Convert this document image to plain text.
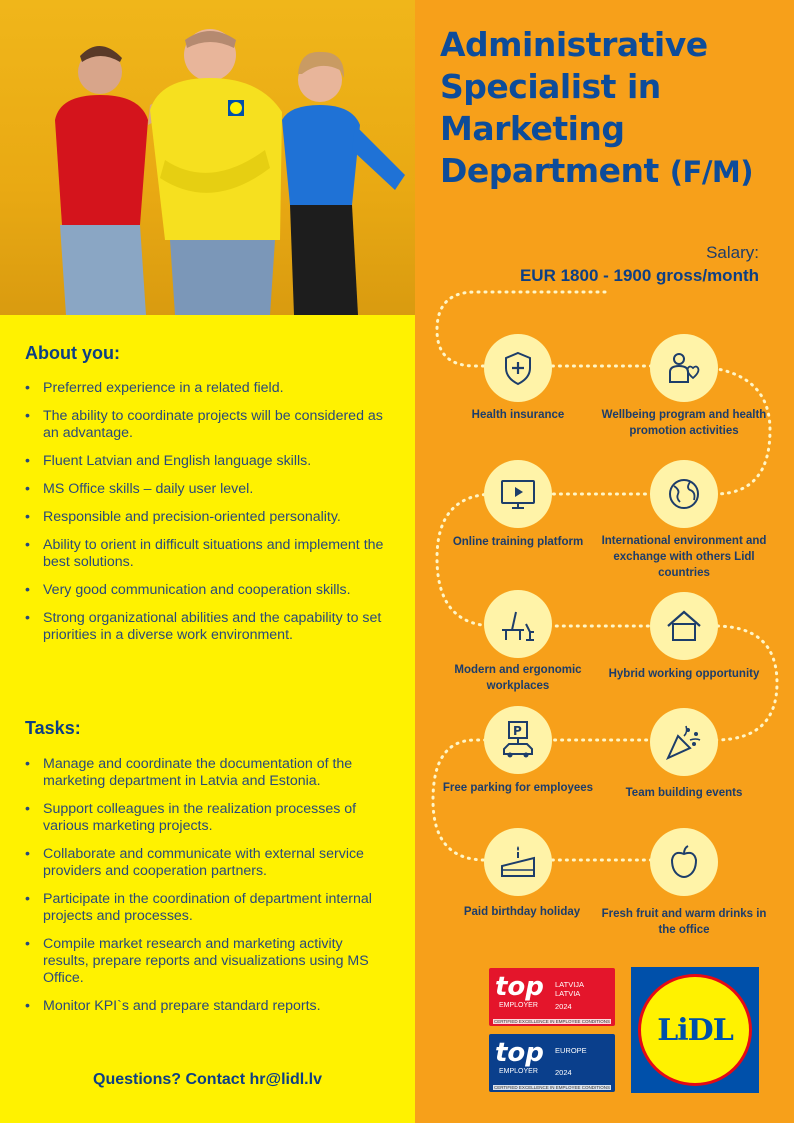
About you:
• Preferred experience in a related field.
• The ability to coordinate projects will be considered as an advantage.
• Fluent Latvian and English language skills.
• MS Office skills – daily user level.
• Responsible and precision-oriented personality.
• Ability to orient in difficult situations and implement the best solutions.
• Very good communication and cooperation skills.
• Strong organizational abilities and the capability to set priorities in a diverse work environment.
Tasks:
• Manage and coordinate the documentation of the marketing department in Latvia and Estonia.
• Support colleagues in the realization processes of various marketing projects.
• Collaborate and communicate with external service providers and cooperation partners.
• Participate in the coordination of department internal projects and processes.
• Compile market research and marketing activity results, prepare reports and visualizations using MS Office.
• Monitor KPI`s and prepare standard reports.
Questions? Contact hr@lidl.lv
Administrative Specialist in Marketing Department (F/M)
Salary:
EUR 1800 - 1900 gross/month
Health insurance	Wellbeing program and health promotion activities
Online training platform	International environment and exchange with others Lidl countries
Modern and ergonomic workplaces
Hybrid working opportunity
P
Free parking for employees	Team building events
Paid birthday holiday	Fresh fruit and warm drinks in the office
top
EMPLOYER
LATVIJA
LATVIA
2024
CERTIFIED EXCELLENCE IN EMPLOYEE CONDITIONS
top
EMPLOYER
EUROPE
2024
CERTIFIED EXCELLENCE IN EMPLOYEE CONDITIONS
LiDL
